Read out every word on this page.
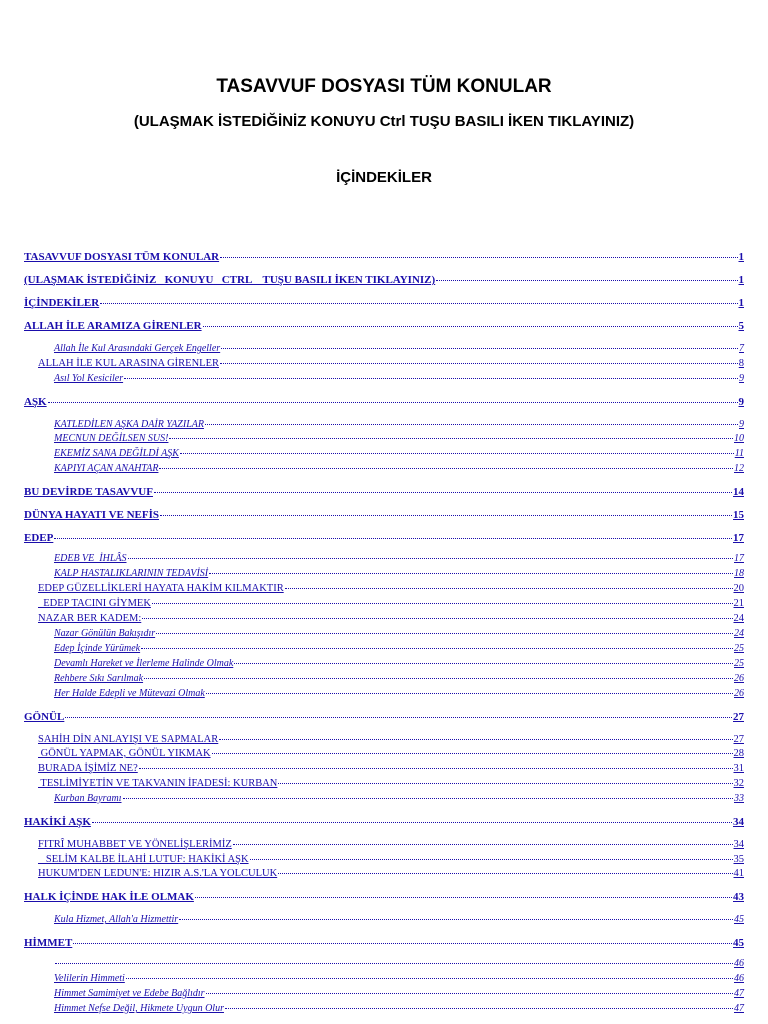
TASAVVUF DOSYASI TÜM KONULAR
(ULAŞMAK İSTEDİĞİNİZ KONUYU Ctrl TUŞU BASILI İKEN TIKLAYINIZ)
İÇİNDEKİLER
TASAVVUF DOSYASI TÜM KONULAR	1
(ULAŞMAK İSTEDİĞİNİZ   KONUYU   CTRL    TUŞU BASILI İKEN TIKLAYINIZ)	1
İÇİNDEKİLER	1
ALLAH İLE ARAMIZA GİRENLER	5
Allah İle Kul Arasındaki Gerçek Engeller	7
ALLAH İLE KUL ARASINA GİRENLER	8
Asıl Yol Kesiciler	9
AŞK	9
KATLEDİLEN AŞKA DAİR YAZILAR	9
MECNUN DEĞİLSEN SUS!	10
EKEMİZ SANA DEĞİLDİ AŞK	11
KAPIYI AÇAN ANAHTAR	12
BU DEVİRDE TASAVVUF	14
DÜNYA HAYATI VE NEFİS	15
EDEP	17
EDEB VE  İHLÂS	17
KALP HASTALIKLARININ TEDAVİSİ	18
EDEP GÜZELLİKLERİ HAYATA HAKİM KILMAKTIR	20
EDEP TACINI GİYMEK	21
NAZAR BER KADEM:	24
Nazar Gönülün Bakışıdır	24
Edep İçinde Yürümek	25
Devamlı Hareket ve İlerleme Halinde Olmak	25
Rehbere Sıkı Sarılmak	26
Her Halde Edepli ve Mütevazi Olmak	26
GÖNÜL	27
SAHİH DİN ANLAYIŞI VE SAPMALAR	27
GÖNÜL YAPMAK, GÖNÜL YIKMAK	28
BURADA İŞİMİZ NE?	31
TESLİMİYETİN VE TAKVANIN İFADESİ: KURBAN	32
Kurban Bayramı	33
HAKİKİ AŞK	34
FITRÎ MUHABBET VE YÖNELİŞLERİMİZ	34
SELİM KALBE İLAHİ LUTUF: HAKİKİ AŞK	35
HUKUM'DEN LEDUN'E: HIZIR A.S.'LA YOLCULUK	41
HALK İÇİNDE HAK İLE OLMAK	43
Kula Hizmet, Allah'a Hizmettir	45
HİMMET	45
46
Velilerin Himmeti	46
Himmet Samimiyet ve Edebe Bağlıdır	47
Himmet Nefse Değil, Hikmete Uygun Olur	47
